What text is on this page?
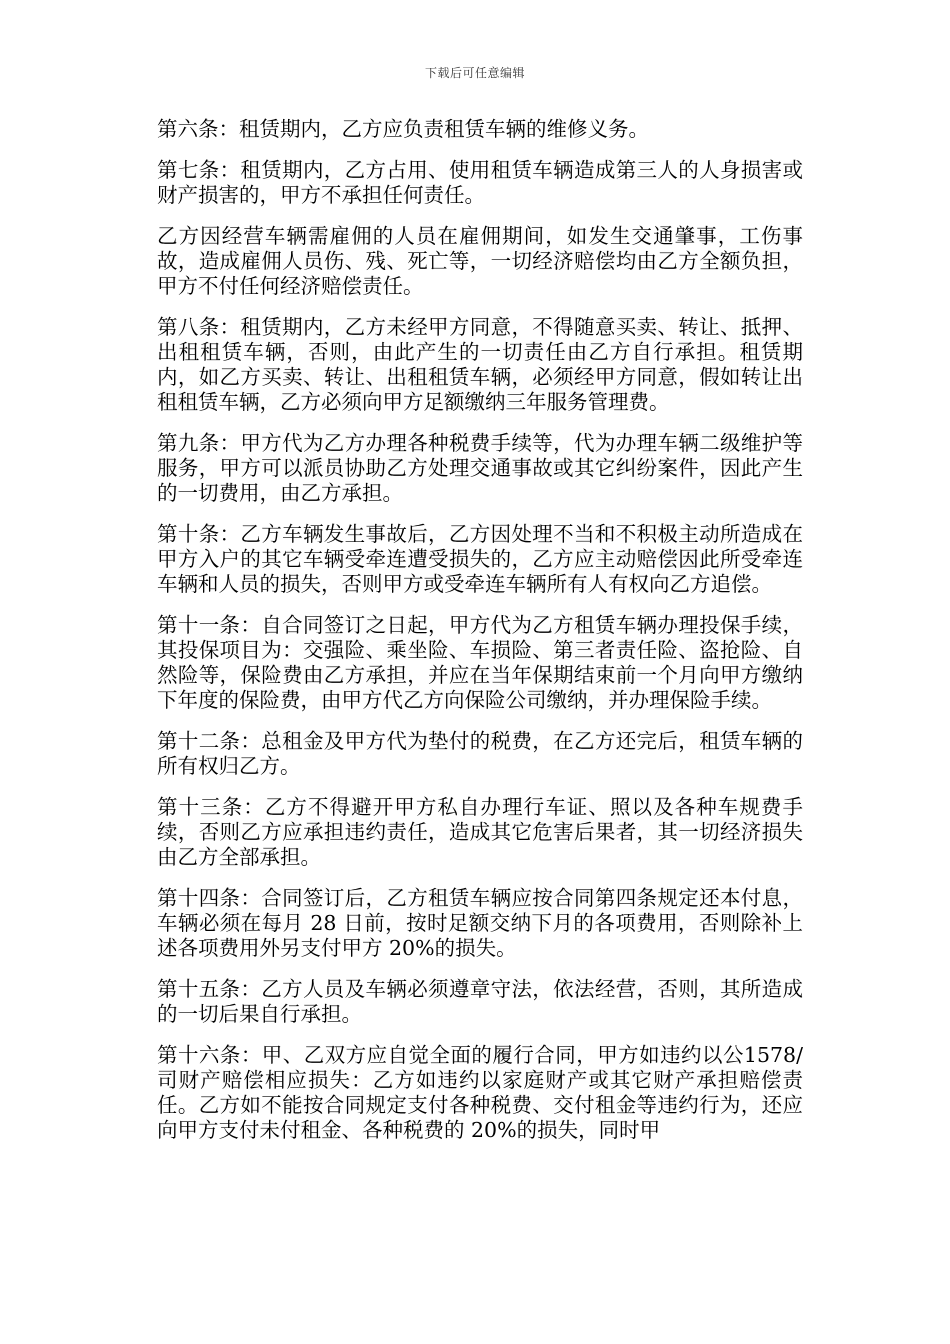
下载后可任意编辑

第六条：租赁期内，乙方应负责租赁车辆的维修义务。

第七条：租赁期内，乙方占用、使用租赁车辆造成第三人的人身损害或财产损害的，甲方不承担任何责任。

乙方因经营车辆需雇佣的人员在雇佣期间，如发生交通肇事，工伤事故，造成雇佣人员伤、残、死亡等，一切经济赔偿均由乙方全额负担，甲方不付任何经济赔偿责任。

第八条：租赁期内，乙方未经甲方同意，不得随意买卖、转让、抵押、出租租赁车辆，否则，由此产生的一切责任由乙方自行承担。租赁期内，如乙方买卖、转让、出租租赁车辆，必须经甲方同意，假如转让出租租赁车辆，乙方必须向甲方足额缴纳三年服务管理费。

第九条：甲方代为乙方办理各种税费手续等，代为办理车辆二级维护等服务，甲方可以派员协助乙方处理交通事故或其它纠纷案件，因此产生的一切费用，由乙方承担。

第十条：乙方车辆发生事故后，乙方因处理不当和不积极主动所造成在甲方入户的其它车辆受牵连遭受损失的，乙方应主动赔偿因此所受牵连车辆和人员的损失，否则甲方或受牵连车辆所有人有权向乙方追偿。

第十一条：自合同签订之日起，甲方代为乙方租赁车辆办理投保手续，其投保项目为：交强险、乘坐险、车损险、第三者责任险、盗抢险、自然险等，保险费由乙方承担，并应在当年保期结束前一个月向甲方缴纳下年度的保险费，由甲方代乙方向保险公司缴纳，并办理保险手续。

第十二条：总租金及甲方代为垫付的税费，在乙方还完后，租赁车辆的所有权归乙方。

第十三条：乙方不得避开甲方私自办理行车证、照以及各种车规费手续，否则乙方应承担违约责任，造成其它危害后果者，其一切经济损失由乙方全部承担。

第十四条：合同签订后，乙方租赁车辆应按合同第四条规定还本付息，车辆必须在每月 28 日前，按时足额交纳下月的各项费用，否则除补上述各项费用外另支付甲方 20%的损失。

第十五条：乙方人员及车辆必须遵章守法，依法经营，否则，其所造成的一切后果自行承担。

第十六条：甲、乙双方应自觉全面的履行合同，甲方如违约以公1578/司财产赔偿相应损失：乙方如违约以家庭财产或其它财产承担赔偿责任。乙方如不能按合同规定支付各种税费、交付租金等违约行为，还应向甲方支付未付租金、各种税费的 20%的损失，同时甲
